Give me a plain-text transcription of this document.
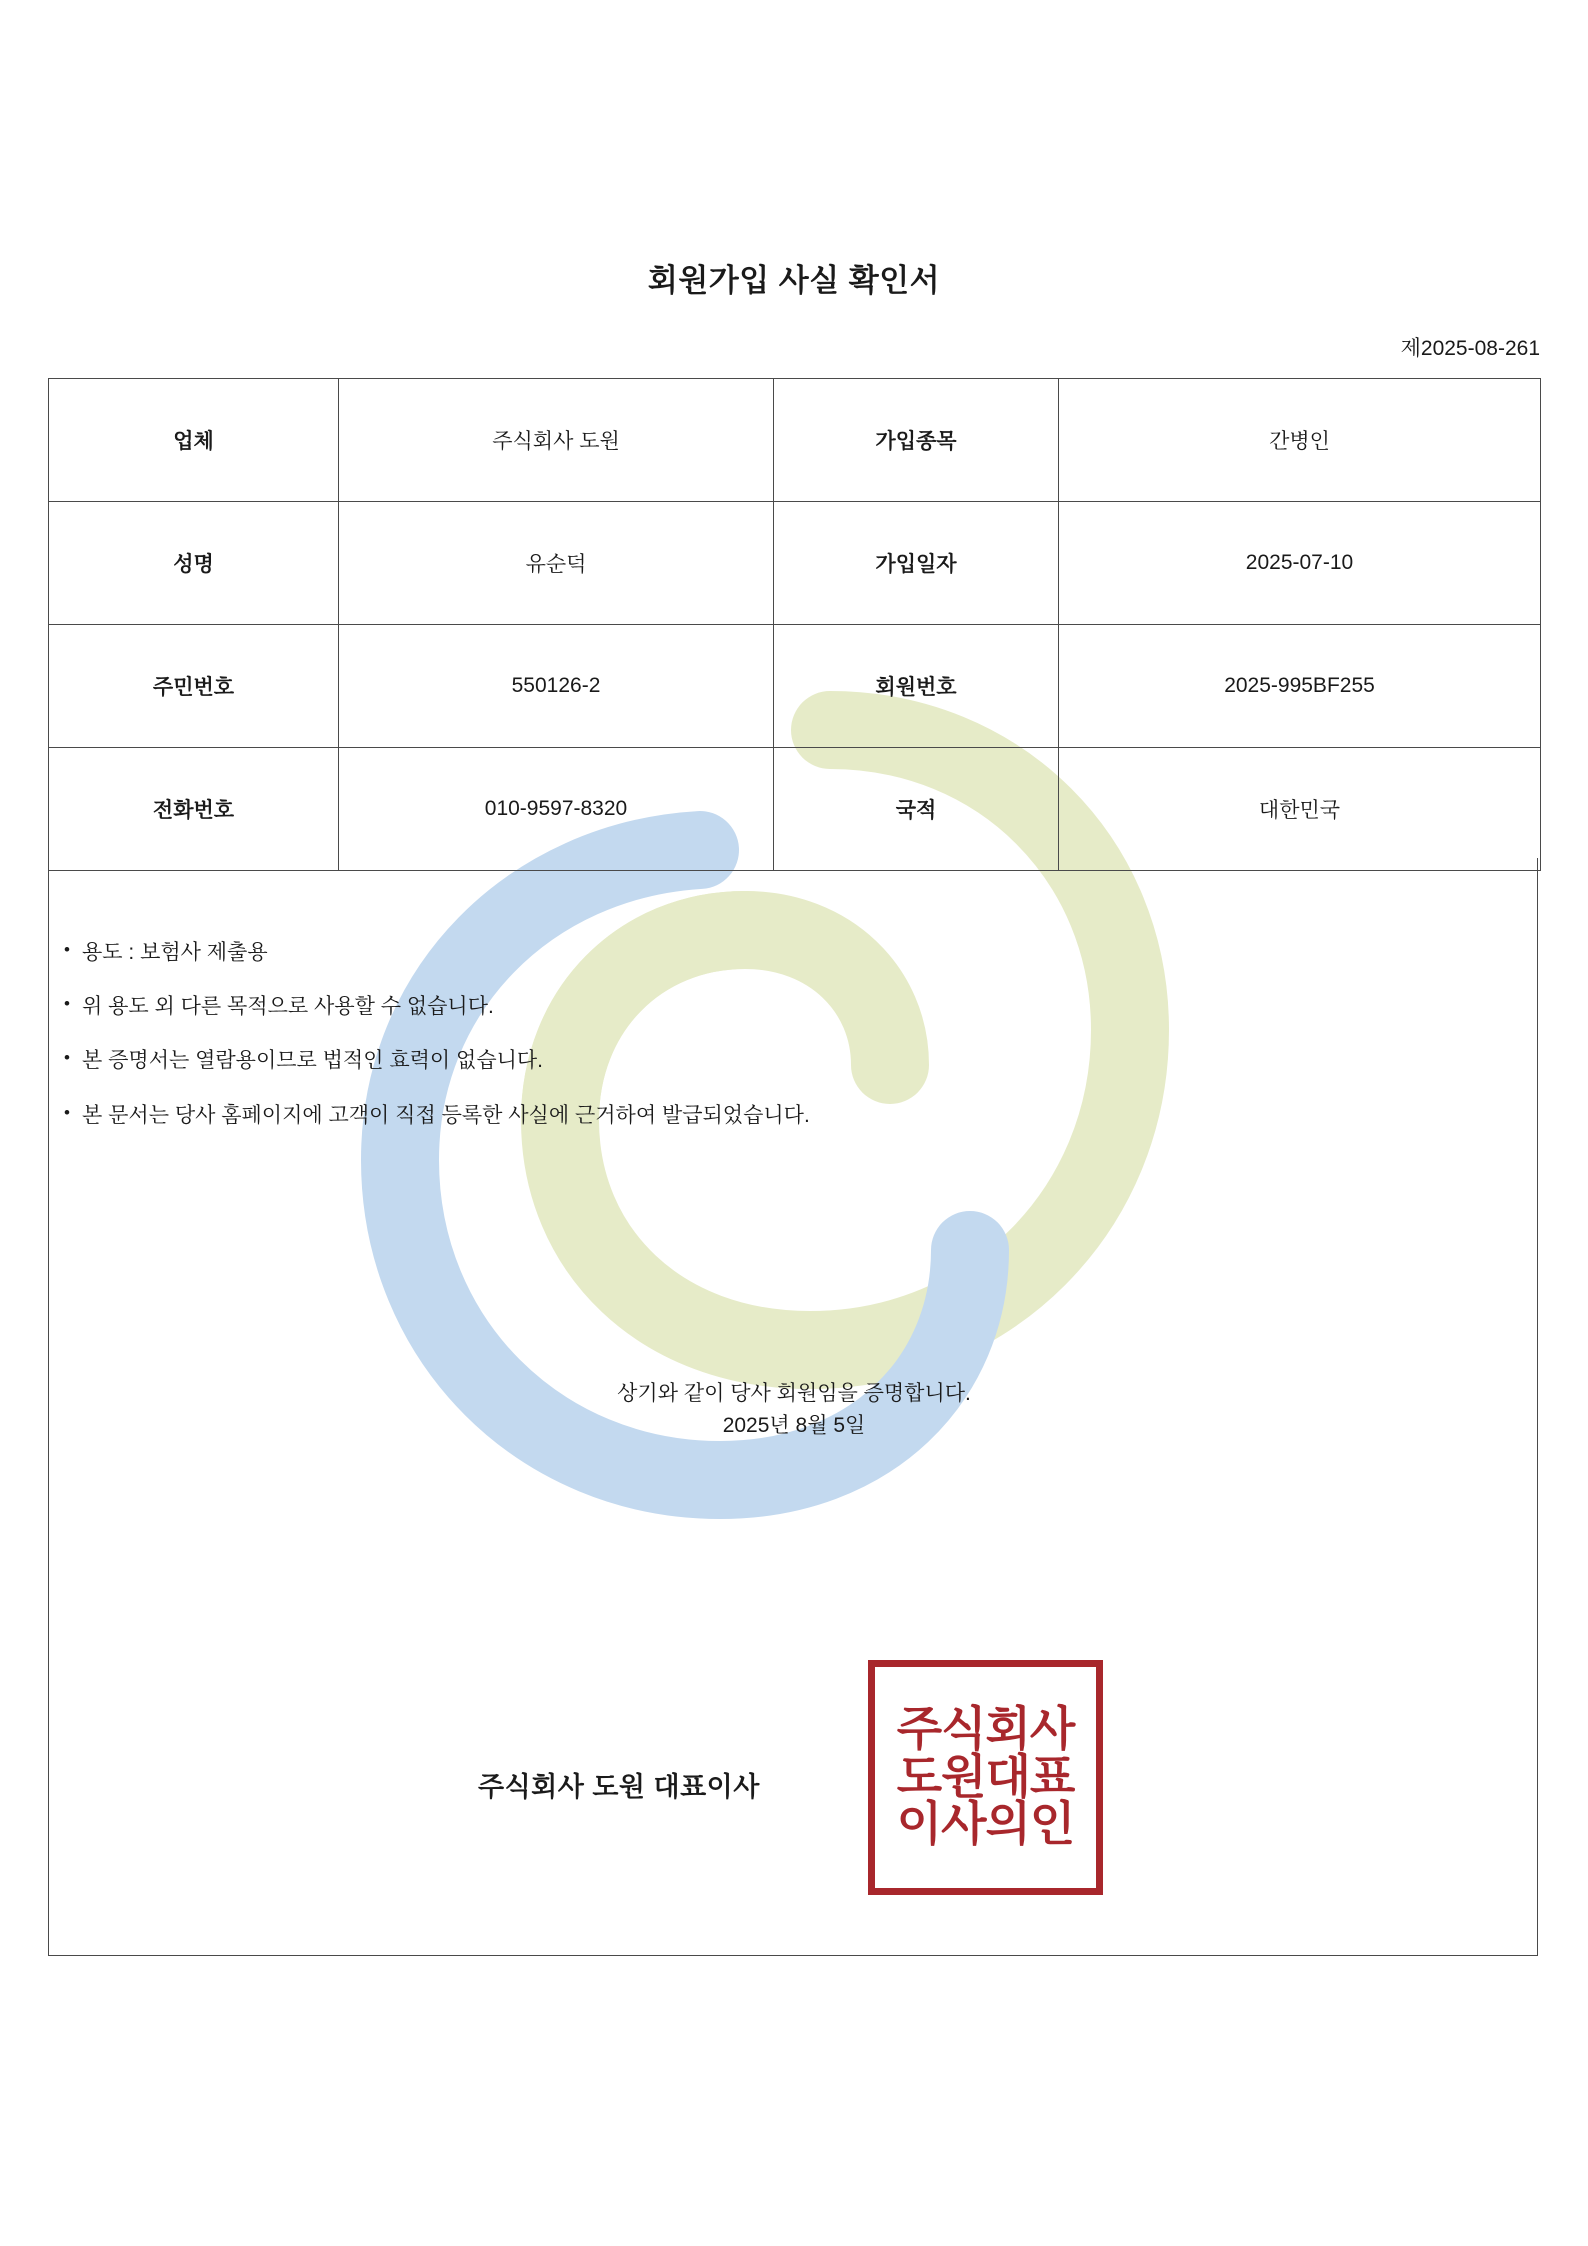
회원가입 사실 확인서
제2025-08-261
업체	주식회사 도원	가입종목	간병인
성명	유순덕	가입일자	2025-07-10
주민번호	550126-2	회원번호	2025-995BF255
전화번호	010-9597-8320	국적	대한민국
• 용도 : 보험사 제출용
• 위 용도 외 다른 목적으로 사용할 수 없습니다.
• 본 증명서는 열람용이므로 법적인 효력이 없습니다.
• 본 문서는 당사 홈페이지에 고객이 직접 등록한 사실에 근거하여 발급되었습니다.
상기와 같이 당사 회원임을 증명합니다.
2025년 8월 5일
주식회사 도원 대표이사
주식회사
도원대표
이사의인
